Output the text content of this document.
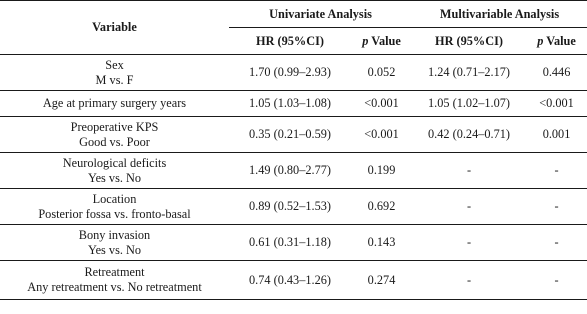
Variable	Univariate Analysis		Multivariable Analysis	
	HR (95%CI)	p Value	HR (95%CI)	p Value

Sex
M vs. F	1.70 (0.99–2.93)	0.052	1.24 (0.71–2.17)	0.446
Age at primary surgery years	1.05 (1.03–1.08)	<0.001	1.05 (1.02–1.07)	<0.001

Preoperative KPS
Good vs. Poor	0.35 (0.21–0.59)	<0.001	0.42 (0.24–0.71)	0.001

Neurological deficits
Yes vs. No	1.49 (0.80–2.77)	0.199	-	-

Location
Posterior fossa vs. fronto-basal	0.89 (0.52–1.53)	0.692	-	-

Bony invasion
Yes vs. No	0.61 (0.31–1.18)	0.143	-	-

Retreatment
Any retreatment vs. No retreatment	0.74 (0.43–1.26)	0.274	-	-
